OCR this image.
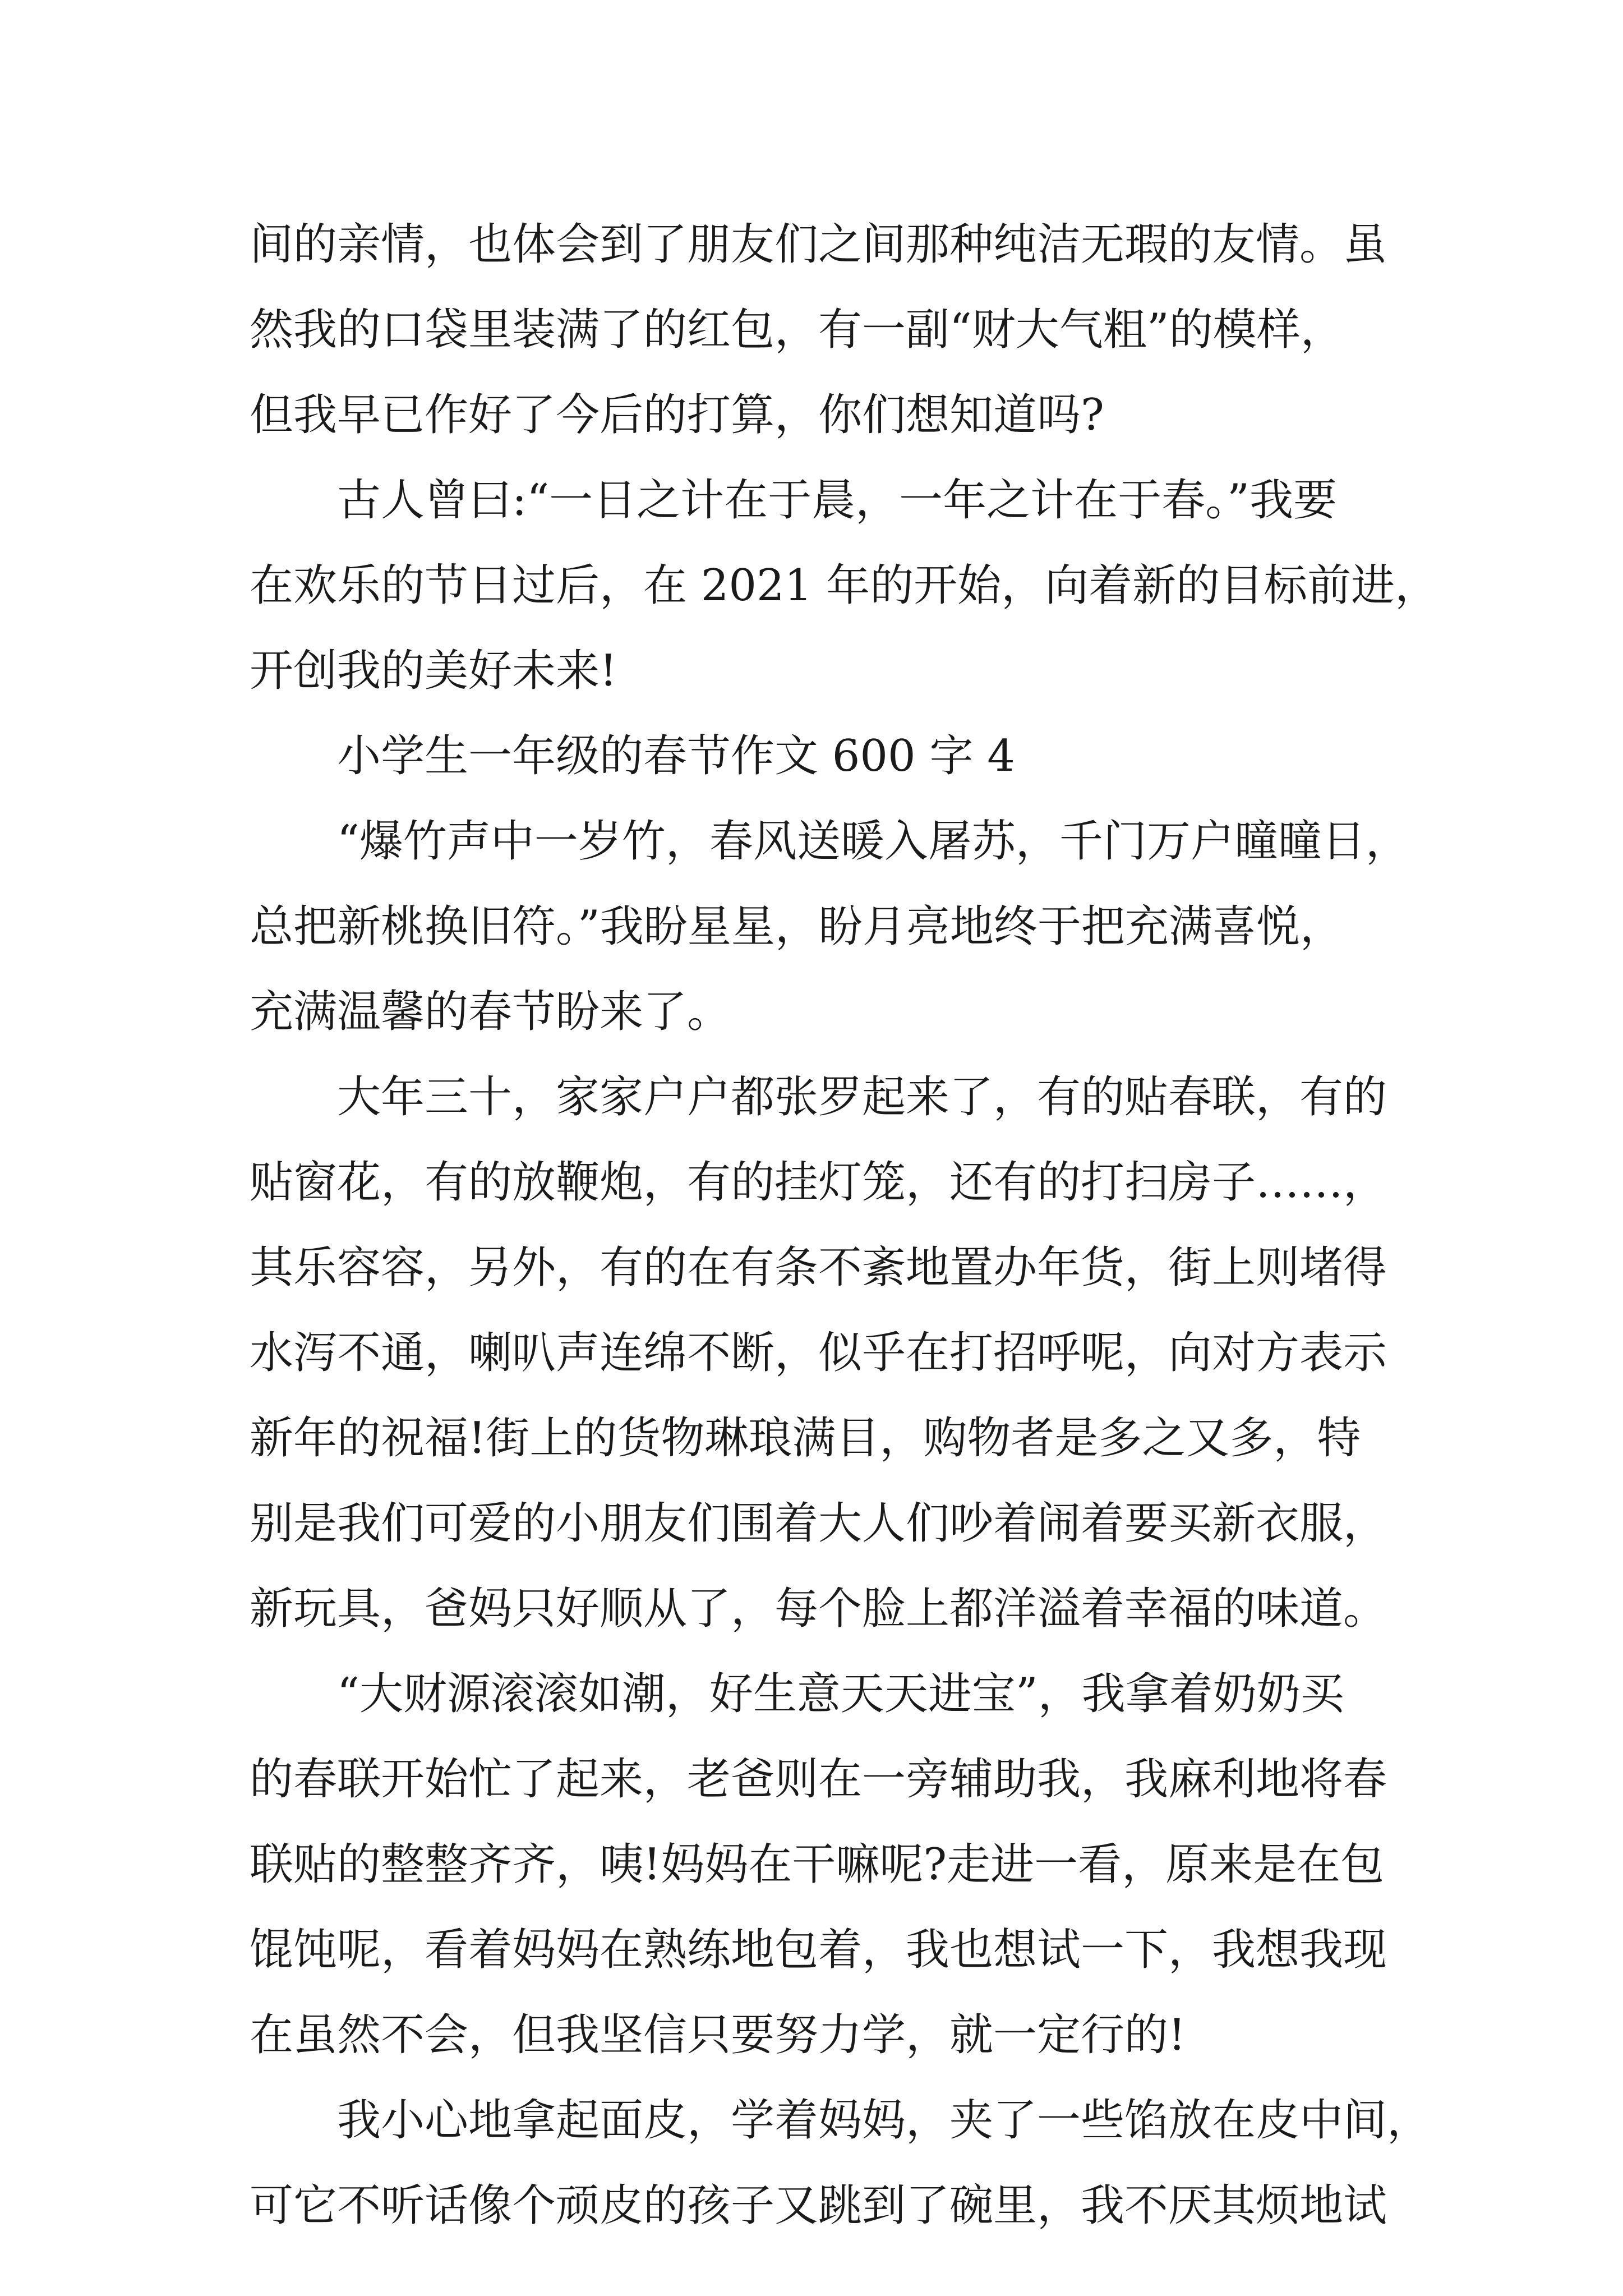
间的亲情，也体会到了朋友们之间那种纯洁无瑕的友情。虽
然我的口袋里装满了的红包，有一副“财大气粗”的模样，
但我早已作好了今后的打算，你们想知道吗?
古人曾曰:“一日之计在于晨，一年之计在于春。”我要
在欢乐的节日过后，在 2021 年的开始，向着新的目标前进，
开创我的美好未来!
小学生一年级的春节作文 600 字 4
“爆竹声中一岁竹，春风送暖入屠苏，千门万户曈曈日，
总把新桃换旧符。”我盼星星，盼月亮地终于把充满喜悦，
充满温馨的春节盼来了。
大年三十，家家户户都张罗起来了，有的贴春联，有的
贴窗花，有的放鞭炮，有的挂灯笼，还有的打扫房子……，
其乐容容，另外，有的在有条不紊地置办年货，街上则堵得
水泻不通，喇叭声连绵不断，似乎在打招呼呢，向对方表示
新年的祝福!街上的货物琳琅满目，购物者是多之又多，特
别是我们可爱的小朋友们围着大人们吵着闹着要买新衣服，
新玩具，爸妈只好顺从了，每个脸上都洋溢着幸福的味道。
“大财源滚滚如潮，好生意天天进宝”，我拿着奶奶买
的春联开始忙了起来，老爸则在一旁辅助我，我麻利地将春
联贴的整整齐齐，咦!妈妈在干嘛呢?走进一看，原来是在包
馄饨呢，看着妈妈在熟练地包着，我也想试一下，我想我现
在虽然不会，但我坚信只要努力学，就一定行的!
我小心地拿起面皮，学着妈妈，夹了一些馅放在皮中间，
可它不听话像个顽皮的孩子又跳到了碗里，我不厌其烦地试
